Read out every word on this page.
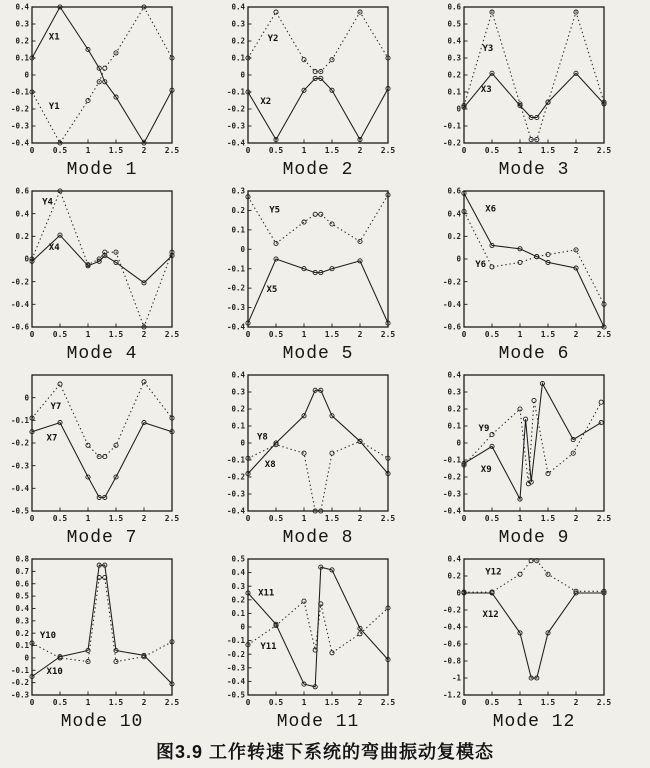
0.4
0.3
0.2
0.1
0
-0.1
-0.2
-0.3
-0.4
0 0.5 1 1.5 2 2.5
X1
Y1
Mode 1
0.4
0.3
0.2
0.1
0
-0.1
-0.2
-0.3
-0.4
0 0.5 1 1.5 2 2.5
Y2
X2
Mode 2
0.6
0.5
0.4
0.3
0.2
0.1
0
-0.1
-0.2
0 0.5 1 1.5 2 2.5
Y3
X3
Mode 3
0.6
0.4
0.2
0
-0.2
-0.4
-0.6
0 0.5 1 1.5 2 2.5
Y4
X4
Mode 4
0.3
0.2
0.1
0
-0.1
-0.2
-0.3
-0.4
0 0.5 1 1.5 2 2.5
Y5
X5
Mode 5
0.6
0.4
0.2
0
-0.2
-0.4
-0.6
0 0.5 1 1.5 2 2.5
X6
Y6
Mode 6
0
-0.1
-0.2
-0.3
-0.4
-0.5
0 0.5 1 1.5 2 2.5
Y7
X7
Mode 7
0.4
0.3
0.2
0.1
0
-0.1
-0.2
-0.3
-0.4
0 0.5 1 1.5 2 2.5
Y8
X8
Mode 8
0.4
0.3
0.2
0.1
0
-0.1
-0.2
-0.3
-0.4
0 0.5 1 1.5 2 2.5
Y9
X9
Mode 9
0.8
0.7
0.6
0.5
0.4
0.3
0.2
0.1
0
-0.1
-0.2
-0.3
0 0.5 1 1.5 2 2.5
Y10
X10
Mode 10
0.5
0.4
0.3
0.2
0.1
0
-0.1
-0.2
-0.3
-0.4
-0.5
0 0.5 1 1.5 2 2.5
X11
Y11
Mode 11
0.4
0.2
0
-0.2
-0.4
-0.6
-0.8
-1
-1.2
0 0.5 1 1.5 2 2.5
Y12
X12
Mode 12
图3.9 工作转速下系统的弯曲振动复模态
